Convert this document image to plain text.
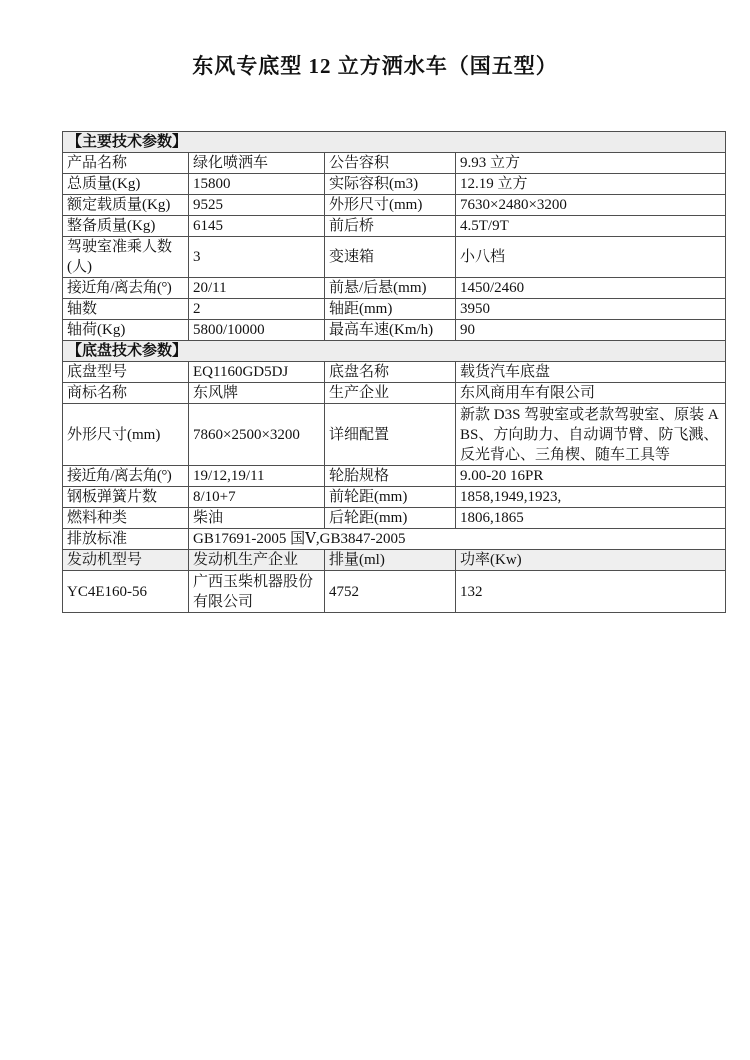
东风专底型 12 立方洒水车（国五型）
【主要技术参数】			
产品名称	绿化喷洒车	公告容积	9.93 立方
总质量(Kg)	15800	实际容积(m3)	12.19 立方
额定载质量(Kg)	9525	外形尺寸(mm)	7630×2480×3200
整备质量(Kg)	6145	前后桥	4.5T/9T
驾驶室准乘人数(人)	3	变速箱	小八档
接近角/离去角(°)	20/11	前悬/后悬(mm)	1450/2460
轴数	2	轴距(mm)	3950
轴荷(Kg)	5800/10000	最高车速(Km/h)	90
【底盘技术参数】			
底盘型号	EQ1160GD5DJ	底盘名称	载货汽车底盘
商标名称	东风牌	生产企业	东风商用车有限公司
外形尺寸(mm)	7860×2500×3200	详细配置	新款 D3S 驾驶室或老款驾驶室、原装 ABS、方向助力、自动调节臂、防飞溅、反光背心、三角楔、随车工具等
接近角/离去角(°)	19/12,19/11	轮胎规格	9.00-20 16PR
钢板弹簧片数	8/10+7	前轮距(mm)	1858,1949,1923,
燃料种类	柴油	后轮距(mm)	1806,1865
排放标准	GB17691-2005 国Ⅴ,GB3847-2005		
发动机型号	发动机生产企业	排量(ml)	功率(Kw)
YC4E160-56	广西玉柴机器股份有限公司	4752	132
